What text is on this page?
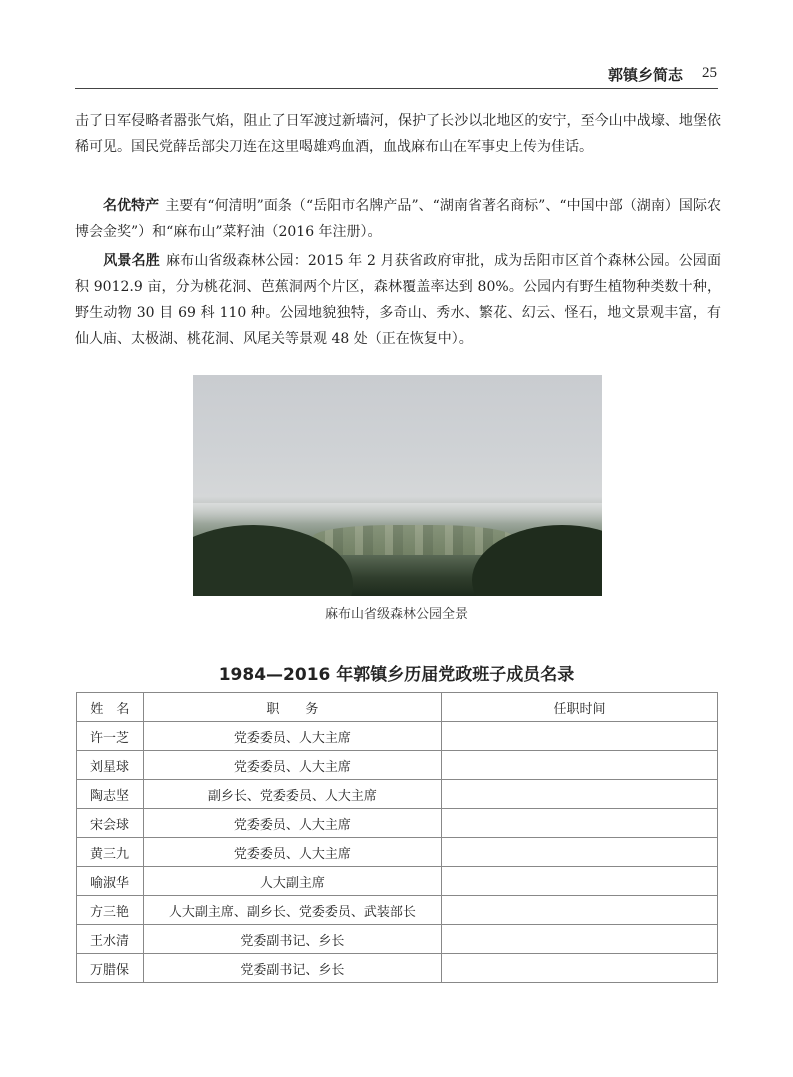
郭镇乡简志 25
击了日军侵略者嚣张气焰，阻止了日军渡过新墙河，保护了长沙以北地区的安宁，至今山中战壕、地堡依稀可见。国民党薛岳部尖刀连在这里喝雄鸡血酒，血战麻布山在军事史上传为佳话。
名优特产 主要有“何清明”面条（“岳阳市名牌产品”、“湖南省著名商标”、“中国中部（湖南）国际农博会金奖”）和“麻布山”菜籽油（2016 年注册）。
风景名胜 麻布山省级森林公园：2015 年 2 月获省政府审批，成为岳阳市区首个森林公园。公园面积 9012.9 亩，分为桃花洞、芭蕉洞两个片区，森林覆盖率达到 80%。公园内有野生植物种类数十种，野生动物 30 目 69 科 110 种。公园地貌独特，多奇山、秀水、繁花、幻云、怪石，地文景观丰富，有仙人庙、太极湖、桃花洞、风尾关等景观 48 处（正在恢复中）。
麻布山省级森林公园全景
1984—2016 年郭镇乡历届党政班子成员名录
姓　名	职　　务	任职时间
许一芝	党委委员、人大主席	
刘星球	党委委员、人大主席	
陶志坚	副乡长、党委委员、人大主席	
宋会球	党委委员、人大主席	
黄三九	党委委员、人大主席	
喻淑华	人大副主席	
方三艳	人大副主席、副乡长、党委委员、武装部长	
王水清	党委副书记、乡长	
万腊保	党委副书记、乡长	
